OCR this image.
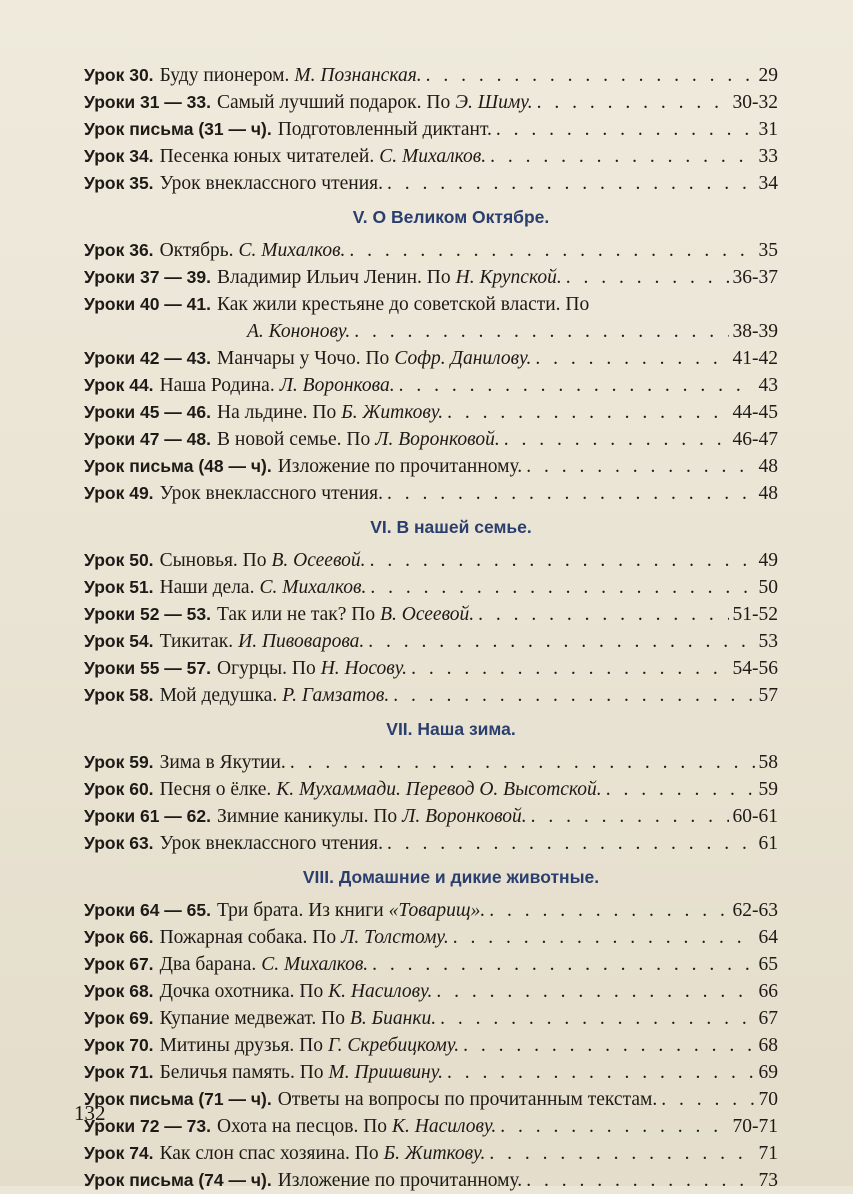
Урок 30. Буду пионером. М. Познанская. . . .	29
Уроки 31 — 33. Самый лучший подарок. По Э. Шиму. . . .	30-32
Урок письма (31 — ч). Подготовленный диктант. . . .	31
Урок 34. Песенка юных читателей. С. Михалков. . . .	33
Урок 35. Урок внеклассного чтения. . . .	34
V. О Великом Октябре.
Урок 36. Октябрь. С. Михалков. . . .	35
Уроки 37 — 39. Владимир Ильич Ленин. По Н. Крупской. . . .	36-37
Уроки 40 — 41. Как жили крестьяне до советской власти. По
А. Кононову. . . .	38-39
Уроки 42 — 43. Манчары у Чочо. По Софр. Данилову. . . .	41-42
Урок 44. Наша Родина. Л. Воронкова. . . .	43
Уроки 45 — 46. На льдине. По Б. Житкову. . . .	44-45
Уроки 47 — 48. В новой семье. По Л. Воронковой. . . .	46-47
Урок письма (48 — ч). Изложение по прочитанному. . . .	48
Урок 49. Урок внеклассного чтения. . . .	48
VI. В нашей семье.
Урок 50. Сыновья. По В. Осеевой. . . .	49
Урок 51. Наши дела. С. Михалков. . . .	50
Уроки 52 — 53. Так или не так? По В. Осеевой. . . .	51-52
Урок 54. Тикитак. И. Пивоварова. . . .	53
Уроки 55 — 57. Огурцы. По Н. Носову. . . .	54-56
Урок 58. Мой дедушка. Р. Гамзатов. . . .	57
VII. Наша зима.
Урок 59. Зима в Якутии. . . .	58
Урок 60. Песня о ёлке. К. Мухаммади. Перевод О. Высотской. . . .	59
Уроки 61 — 62. Зимние каникулы. По Л. Воронковой. . . .	60-61
Урок 63. Урок внеклассного чтения. . . .	61
VIII. Домашние и дикие животные.
Уроки 64 — 65. Три брата. Из книги «Товарищ». . . .	62-63
Урок 66. Пожарная собака. По Л. Толстому. . . .	64
Урок 67. Два барана. С. Михалков. . . .	65
Урок 68. Дочка охотника. По К. Насилову. . . .	66
Урок 69. Купание медвежат. По В. Бианки. . . .	67
Урок 70. Митины друзья. По Г. Скребицкому. . . .	68
Урок 71. Беличья память. По М. Пришвину. . . .	69
Урок письма (71 — ч). Ответы на вопросы по прочитанным текстам. . . .	70
Уроки 72 — 73. Охота на песцов. По К. Насилову. . . .	70-71
Урок 74. Как слон спас хозяина. По Б. Житкову. . . .	71
Урок письма (74 — ч). Изложение по прочитанному. . . .	73
132
